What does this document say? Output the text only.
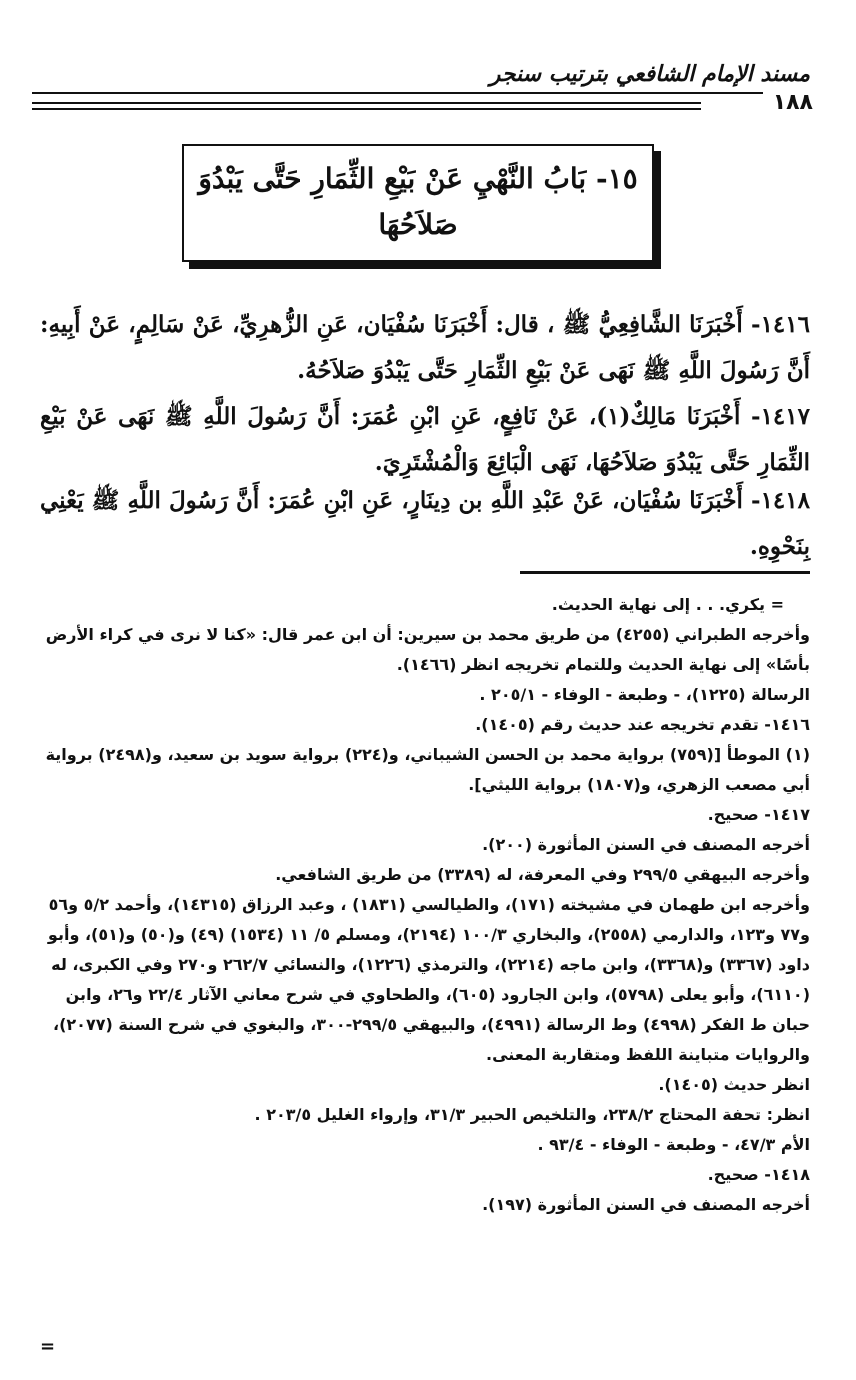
مسند الإمام الشافعي بترتيب سنجر
١٨٨
١٥- بَابُ النَّهْيِ عَنْ بَيْعِ الثِّمَارِ حَتَّى يَبْدُوَ صَلاَحُهَا
١٤١٦- أَخْبَرَنَا الشَّافِعِيُّ ﷺ ، قال: أَخْبَرَنَا سُفْيَان، عَنِ الزُّهرِيِّ، عَنْ سَالِمٍ، عَنْ أَبِيهِ: أَنَّ رَسُولَ اللَّهِ ﷺ نَهَى عَنْ بَيْعِ الثِّمَارِ حَتَّى يَبْدُوَ صَلاَحُهُ.
١٤١٧- أَخْبَرَنَا مَالِكٌ(١)، عَنْ نَافِعٍ، عَنِ ابْنِ عُمَرَ: أَنَّ رَسُولَ اللَّهِ ﷺ نَهَى عَنْ بَيْعِ الثِّمَارِ حَتَّى يَبْدُوَ صَلاَحُهَا، نَهَى الْبَائِعَ وَالْمُشْتَرِيَ.
١٤١٨- أَخْبَرَنَا سُفْيَان، عَنْ عَبْدِ اللَّهِ بن دِينَارٍ، عَنِ ابْنِ عُمَرَ: أَنَّ رَسُولَ اللَّهِ ﷺ يَعْنِي بِنَحْوِهِ.

= يكري. . . إلى نهاية الحديث.

وأخرجه الطبراني (٤٢٥٥) من طريق محمد بن سيرين: أن ابن عمر قال: «كنا لا نرى في كراء الأرض بأسًا» إلى نهاية الحديث وللتمام تخريجه انظر (١٤٦٦).

الرسالة (١٢٢٥)، - وطبعة - الوفاء - ٢٠٥/١ .

١٤١٦- تقدم تخريجه عند حديث رقم (١٤٠٥).

(١) الموطأ [(٧٥٩) برواية محمد بن الحسن الشيباني، و(٢٢٤) برواية سويد بن سعيد، و(٢٤٩٨) برواية أبي مصعب الزهري، و(١٨٠٧) برواية الليثي].

١٤١٧- صحيح.

أخرجه المصنف في السنن المأثورة (٢٠٠).

وأخرجه البيهقي ٢٩٩/٥ وفي المعرفة، له (٣٣٨٩) من طريق الشافعي.

وأخرجه ابن طهمان في مشيخته (١٧١)، والطيالسي (١٨٣١) ، وعبد الرزاق (١٤٣١٥)، وأحمد ٥/٢ و٥٦ و٧٧ و١٢٣، والدارمي (٢٥٥٨)، والبخاري ١٠٠/٣ (٢١٩٤)، ومسلم ٥/ ١١ (١٥٣٤) (٤٩) و(٥٠) و(٥١)، وأبو داود (٣٣٦٧) و(٣٣٦٨)، وابن ماجه (٢٢١٤)، والترمذي (١٢٢٦)، والنسائي ٢٦٢/٧ و٢٧٠ وفي الكبرى، له (٦١١٠)، وأبو يعلى (٥٧٩٨)، وابن الجارود (٦٠٥)، والطحاوي في شرح معاني الآثار ٢٢/٤ و٢٦، وابن حبان ط الفكر (٤٩٩٨) وط الرسالة (٤٩٩١)، والبيهقي ٢٩٩/٥-٣٠٠، والبغوي في شرح السنة (٢٠٧٧)، والروايات متباينة اللفظ ومتقاربة المعنى.

انظر حديث (١٤٠٥).

انظر: تحفة المحتاج ٢٣٨/٢، والتلخيص الحبير ٣١/٣، وإرواء الغليل ٢٠٣/٥ .

الأم ٤٧/٣، - وطبعة - الوفاء - ٩٣/٤ .

١٤١٨- صحيح.

أخرجه المصنف في السنن المأثورة (١٩٧).

=
